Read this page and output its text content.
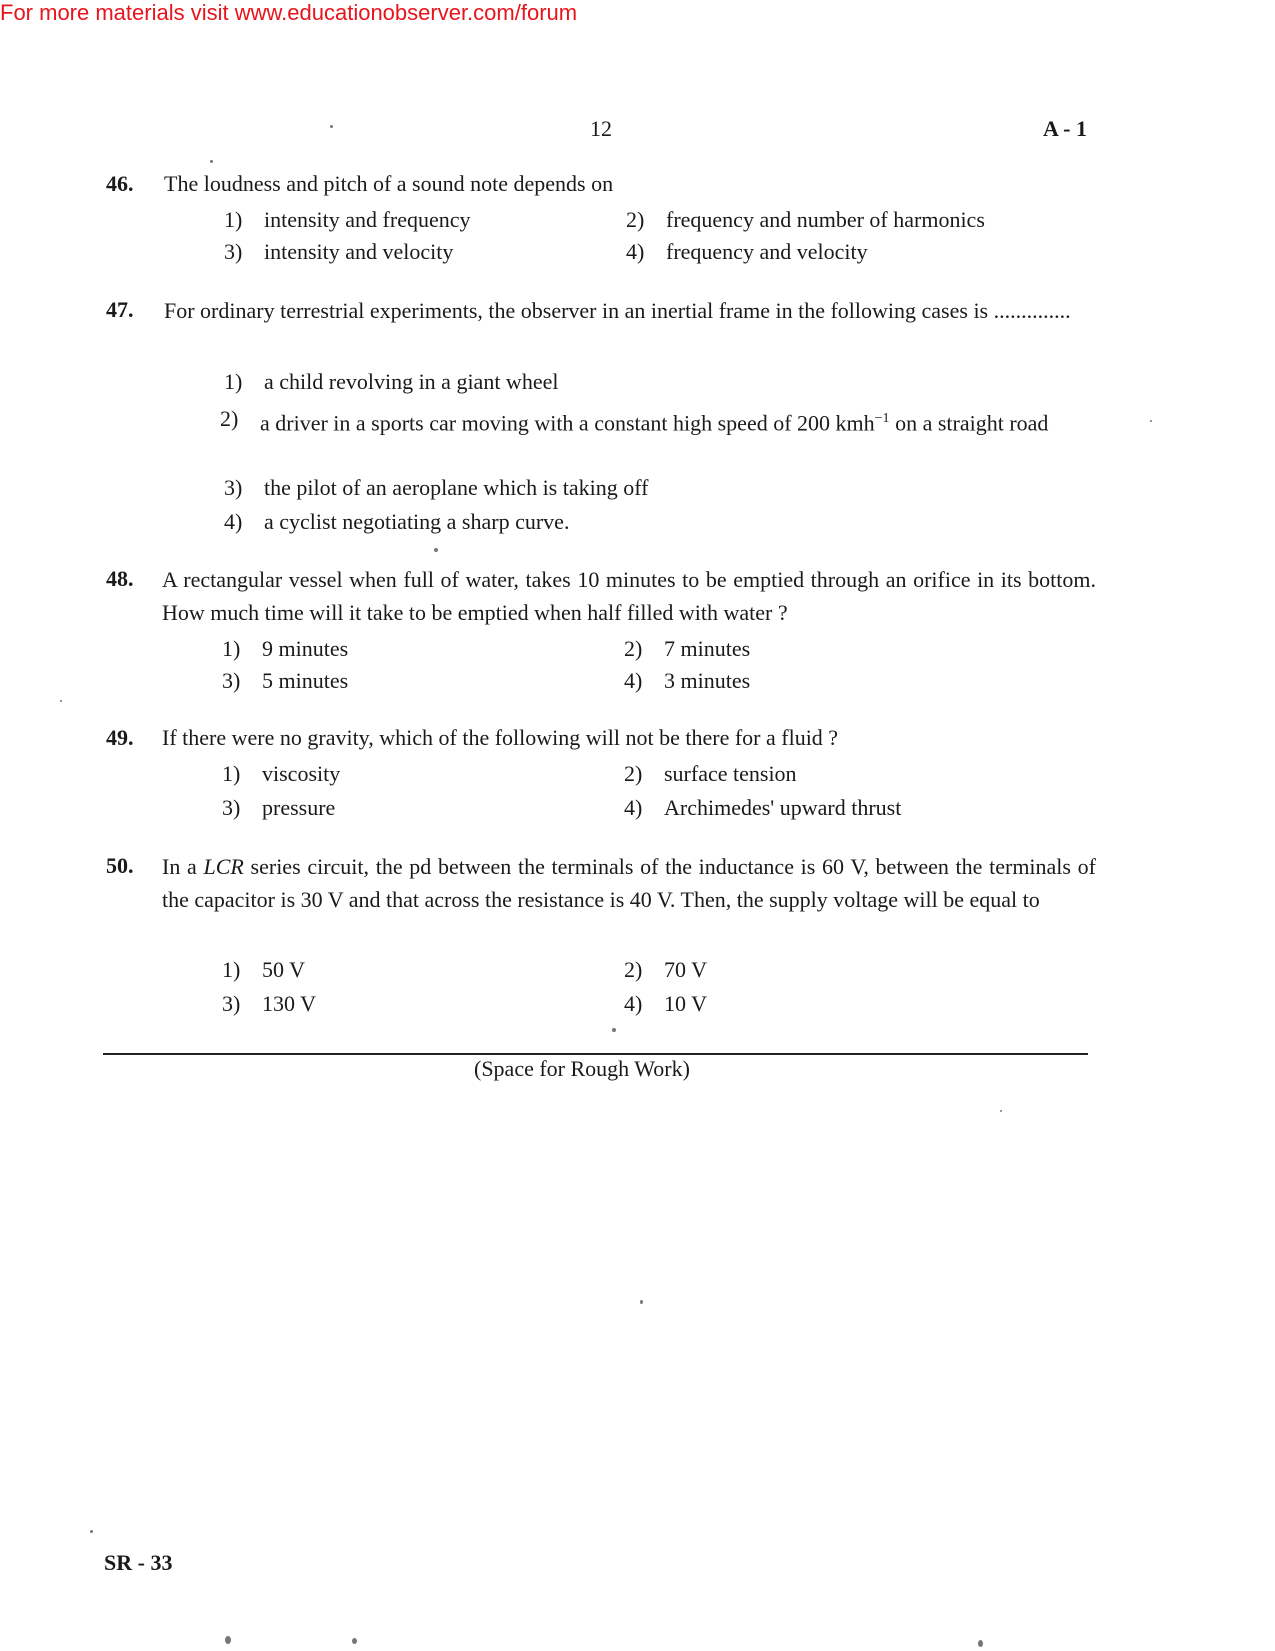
For more materials visit www.educationobserver.com/forum
12	A - 1
46. The loudness and pitch of a sound note depends on
1) intensity and frequency	2) frequency and number of harmonics
3) intensity and velocity	4) frequency and velocity
47. For ordinary terrestrial experiments, the observer in an inertial frame in the following cases is ..............
1) a child revolving in a giant wheel
2) a driver in a sports car moving with a constant high speed of 200 kmh$^{-1}$ on a straight road
3) the pilot of an aeroplane which is taking off
4) a cyclist negotiating a sharp curve.
48. A rectangular vessel when full of water, takes 10 minutes to be emptied through an orifice in its bottom. How much time will it take to be emptied when half filled with water ?
1) 9 minutes	2) 7 minutes
3) 5 minutes	4) 3 minutes
49. If there were no gravity, which of the following will not be there for a fluid ?
1) viscosity	2) surface tension
3) pressure	4) Archimedes' upward thrust
50. In a LCR series circuit, the pd between the terminals of the inductance is 60 V, between the terminals of the capacitor is 30 V and that across the resistance is 40 V. Then, the supply voltage will be equal to
1) 50 V	2) 70 V
3) 130 V	4) 10 V
(Space for Rough Work)
SR - 33
